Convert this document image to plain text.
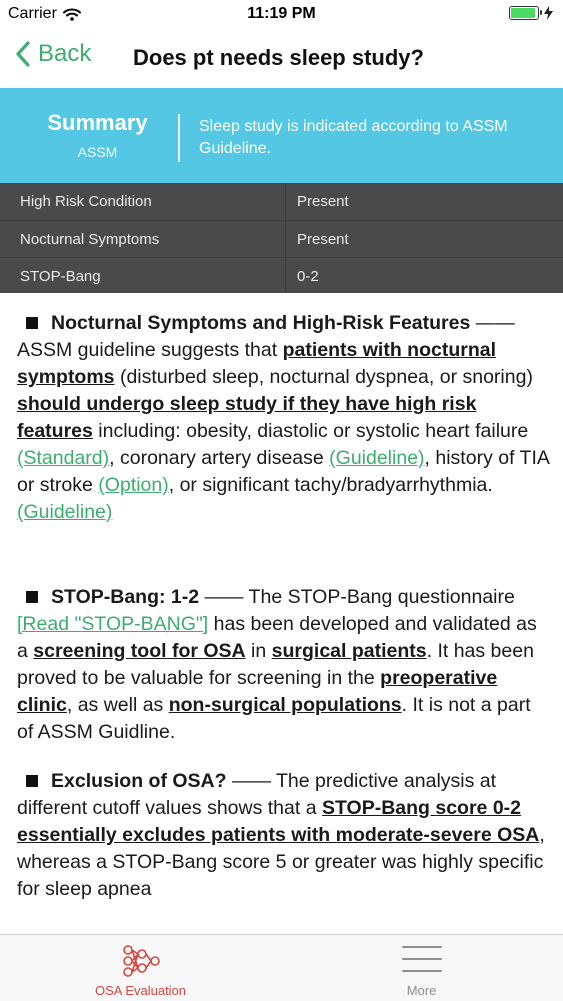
Carrier	11:19 PM
Back Does pt needs sleep study?
Summary
ASSM
Sleep study is indicated according to ASSM Guideline.
High Risk Condition	Present
Nocturnal Symptoms	Present
STOP-Bang	0-2

Nocturnal Symptoms and High-Risk Features —— ASSM guideline suggests that patients with nocturnal symptoms (disturbed sleep, nocturnal dyspnea, or snoring) should undergo sleep study if they have high risk features including: obesity, diastolic or systolic heart failure (Standard), coronary artery disease (Guideline), history of TIA or stroke (Option), or significant tachy/bradyarrhythmia. (Guideline)

STOP-Bang: 1-2 —— The STOP-Bang questionnaire [Read "STOP-BANG"] has been developed and validated as a screening tool for OSA in surgical patients. It has been proved to be valuable for screening in the preoperative clinic, as well as non-surgical populations. It is not a part of ASSM Guidline.

Exclusion of OSA? —— The predictive analysis at different cutoff values shows that a STOP-Bang score 0-2 essentially excludes patients with moderate-severe OSA, whereas a STOP-Bang score 5 or greater was highly specific for sleep apnea

OSA Evaluation	More
